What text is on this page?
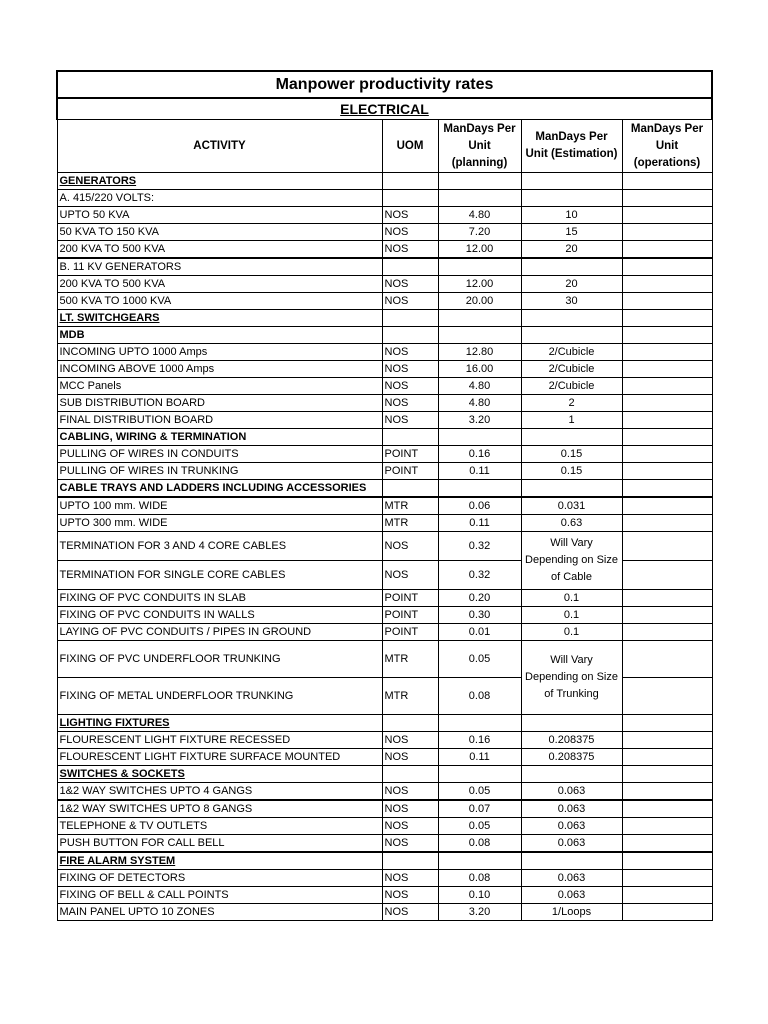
Manpower productivity rates				
ELECTRICAL				
ACTIVITY	UOM	ManDays Per Unit (planning)	ManDays Per Unit (Estimation)	ManDays Per Unit (operations)
GENERATORS				
A. 415/220 VOLTS:				
UPTO 50 KVA	NOS	4.80	10	
50 KVA TO 150 KVA	NOS	7.20	15	
200 KVA TO 500 KVA	NOS	12.00	20	
B. 11 KV GENERATORS				
200 KVA TO 500 KVA	NOS	12.00	20	
500 KVA TO 1000 KVA	NOS	20.00	30	
LT. SWITCHGEARS				
MDB				
INCOMING UPTO 1000 Amps	NOS	12.80	2/Cubicle	
INCOMING ABOVE 1000 Amps	NOS	16.00	2/Cubicle	
MCC Panels	NOS	4.80	2/Cubicle	
SUB DISTRIBUTION BOARD	NOS	4.80	2	
FINAL DISTRIBUTION BOARD	NOS	3.20	1	
CABLING, WIRING & TERMINATION				
PULLING OF WIRES IN CONDUITS	POINT	0.16	0.15	
PULLING OF WIRES IN TRUNKING	POINT	0.11	0.15	
CABLE TRAYS AND LADDERS INCLUDING ACCESSORIES				
UPTO 100 mm. WIDE	MTR	0.06	0.031	
UPTO 300 mm. WIDE	MTR	0.11	0.63	
TERMINATION FOR 3 AND 4 CORE CABLES	NOS	0.32	Will Vary Depending on Size of Cable	
TERMINATION FOR SINGLE CORE CABLES	NOS	0.32		
FIXING OF PVC CONDUITS IN SLAB	POINT	0.20	0.1	
FIXING OF PVC CONDUITS IN WALLS	POINT	0.30	0.1	
LAYING OF PVC CONDUITS / PIPES IN GROUND	POINT	0.01	0.1	
FIXING OF PVC UNDERFLOOR TRUNKING	MTR	0.05	Will Vary Depending on Size of Trunking	
FIXING OF METAL UNDERFLOOR TRUNKING	MTR	0.08		
LIGHTING FIXTURES				
FLOURESCENT LIGHT FIXTURE RECESSED	NOS	0.16	0.208375	
FLOURESCENT LIGHT FIXTURE SURFACE MOUNTED	NOS	0.11	0.208375	
SWITCHES & SOCKETS				
1&2 WAY SWITCHES UPTO 4 GANGS	NOS	0.05	0.063	
1&2 WAY SWITCHES UPTO 8 GANGS	NOS	0.07	0.063	
TELEPHONE & TV OUTLETS	NOS	0.05	0.063	
PUSH BUTTON FOR CALL BELL	NOS	0.08	0.063	
FIRE ALARM SYSTEM				
FIXING OF DETECTORS	NOS	0.08	0.063	
FIXING OF BELL & CALL POINTS	NOS	0.10	0.063	
MAIN PANEL UPTO 10 ZONES	NOS	3.20	1/Loops	
